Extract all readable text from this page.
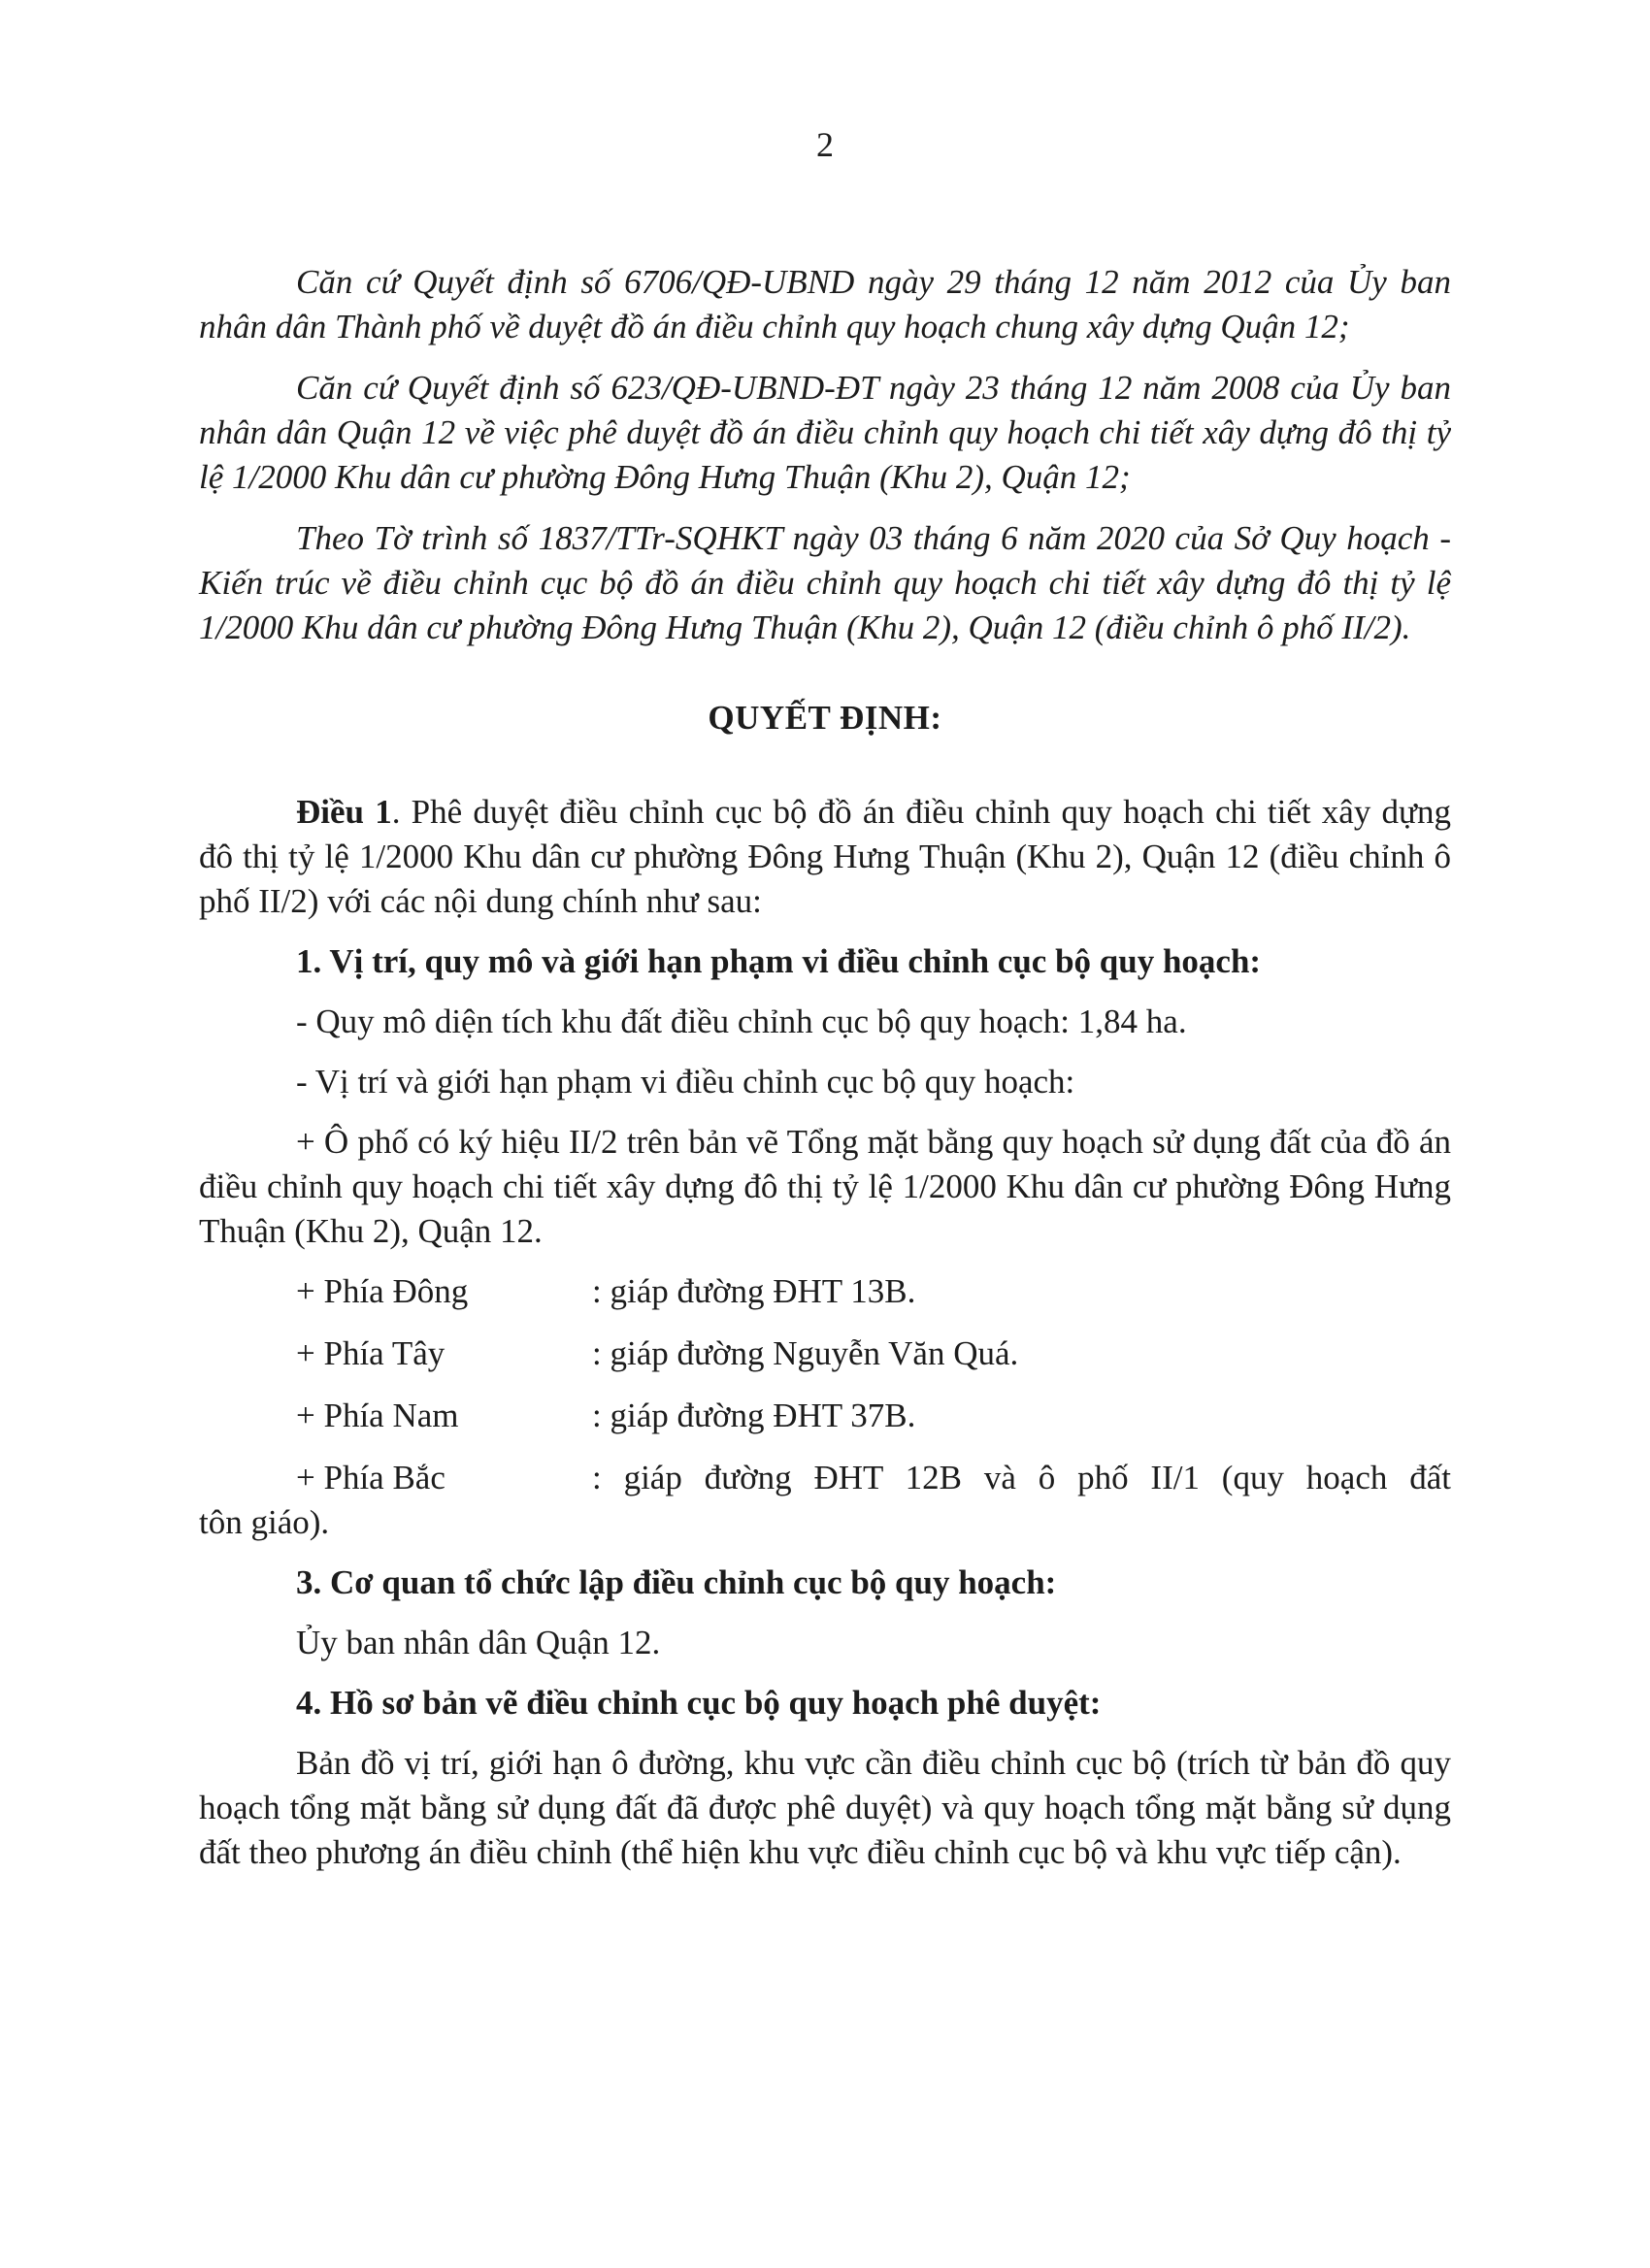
2

Căn cứ Quyết định số 6706/QĐ-UBND ngày 29 tháng 12 năm 2012 của Ủy ban nhân dân Thành phố về duyệt đồ án điều chỉnh quy hoạch chung xây dựng Quận 12;

Căn cứ Quyết định số 623/QĐ-UBND-ĐT ngày 23 tháng 12 năm 2008 của Ủy ban nhân dân Quận 12 về việc phê duyệt đồ án điều chỉnh quy hoạch chi tiết xây dựng đô thị tỷ lệ 1/2000 Khu dân cư phường Đông Hưng Thuận (Khu 2), Quận 12;

Theo Tờ trình số 1837/TTr-SQHKT ngày 03 tháng 6 năm 2020 của Sở Quy hoạch - Kiến trúc về điều chỉnh cục bộ đồ án điều chỉnh quy hoạch chi tiết xây dựng đô thị tỷ lệ 1/2000 Khu dân cư phường Đông Hưng Thuận (Khu 2), Quận 12 (điều chỉnh ô phố II/2).

QUYẾT ĐỊNH:

Điều 1. Phê duyệt điều chỉnh cục bộ đồ án điều chỉnh quy hoạch chi tiết xây dựng đô thị tỷ lệ 1/2000 Khu dân cư phường Đông Hưng Thuận (Khu 2), Quận 12 (điều chỉnh ô phố II/2) với các nội dung chính như sau:

1. Vị trí, quy mô và giới hạn phạm vi điều chỉnh cục bộ quy hoạch:

- Quy mô diện tích khu đất điều chỉnh cục bộ quy hoạch: 1,84 ha.

- Vị trí và giới hạn phạm vi điều chỉnh cục bộ quy hoạch:

+ Ô phố có ký hiệu II/2 trên bản vẽ Tổng mặt bằng quy hoạch sử dụng đất của đồ án điều chỉnh quy hoạch chi tiết xây dựng đô thị tỷ lệ 1/2000 Khu dân cư phường Đông Hưng Thuận (Khu 2), Quận 12.

+ Phía Đông	: giáp đường ĐHT 13B.
+ Phía Tây	: giáp đường Nguyễn Văn Quá.
+ Phía Nam	: giáp đường ĐHT 37B.
+ Phía Bắc	: giáp đường ĐHT 12B và ô phố II/1 (quy hoạch đất
tôn giáo).

3. Cơ quan tổ chức lập điều chỉnh cục bộ quy hoạch:

Ủy ban nhân dân Quận 12.

4. Hồ sơ bản vẽ điều chỉnh cục bộ quy hoạch phê duyệt:

Bản đồ vị trí, giới hạn ô đường, khu vực cần điều chỉnh cục bộ (trích từ bản đồ quy hoạch tổng mặt bằng sử dụng đất đã được phê duyệt) và quy hoạch tổng mặt bằng sử dụng đất theo phương án điều chỉnh (thể hiện khu vực điều chỉnh cục bộ và khu vực tiếp cận).
